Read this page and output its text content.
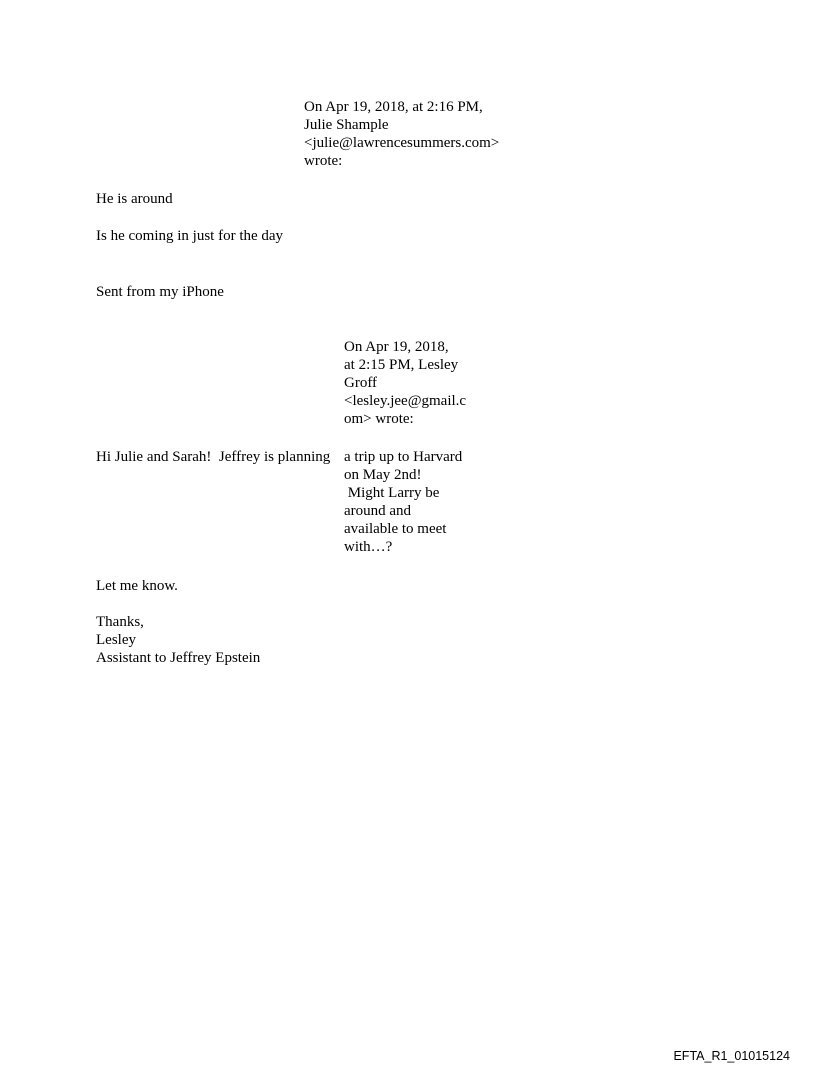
On Apr 19, 2018, at 2:16 PM,
Julie Shample
<julie@lawrencesummers.com>
wrote:
He is around
Is he coming in just for the day
Sent from my iPhone
On Apr 19, 2018,
at 2:15 PM, Lesley
Groff
<lesley.jee@gmail.c
om> wrote:
Hi Julie and Sarah!  Jeffrey is planning a trip up to Harvard
on May 2nd!
Might Larry be
around and
available to meet
with…?
Let me know.
Thanks,
Lesley
Assistant to Jeffrey Epstein
EFTA_R1_01015124
